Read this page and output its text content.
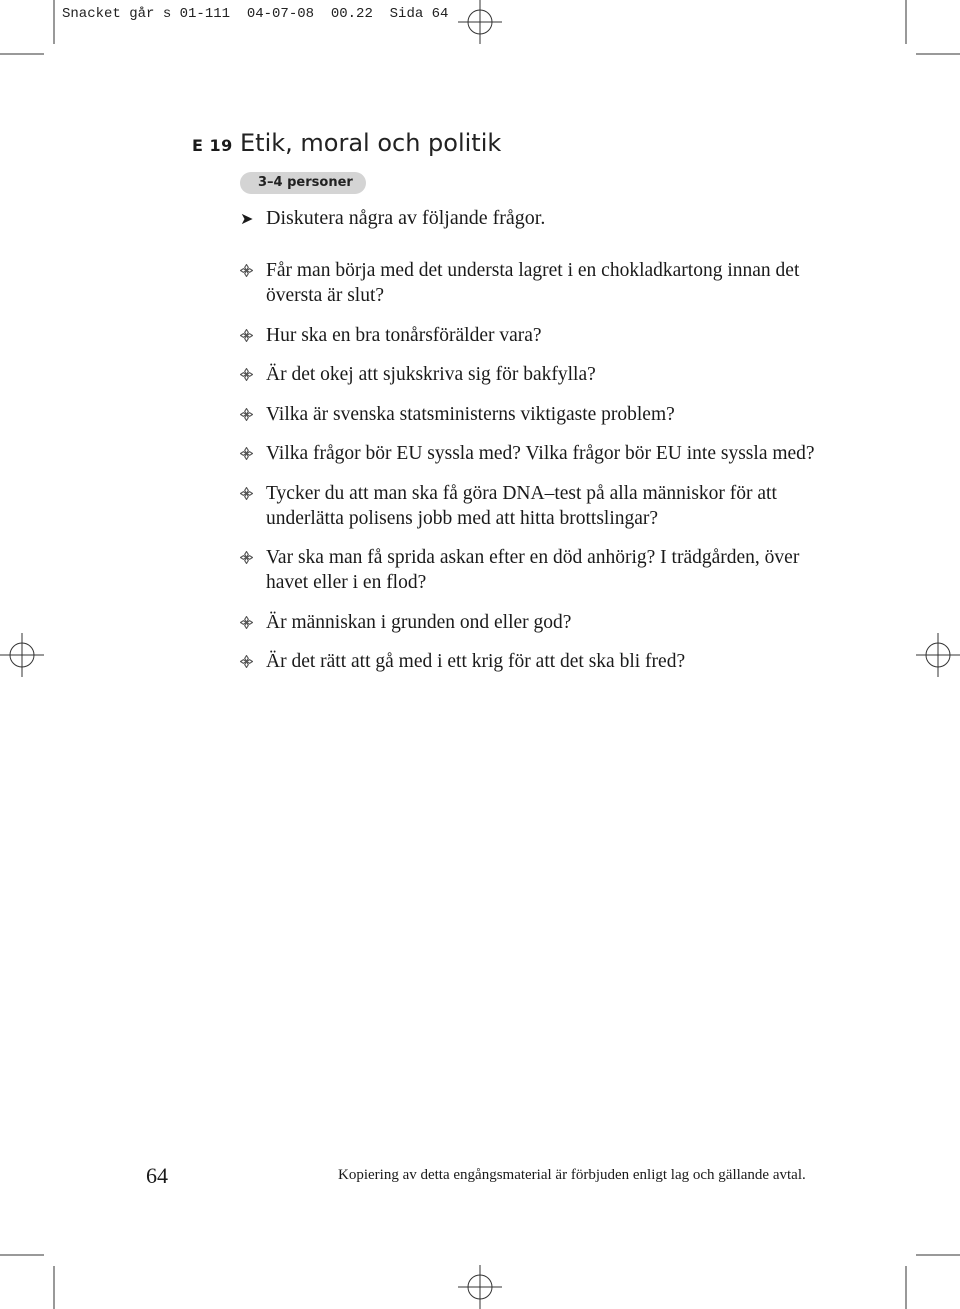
Snacket går s 01-111  04-07-08  00.22  Sida 64
E 19 Etik, moral och politik
3–4 personer
➤ Diskutera några av följande frågor.
Får man börja med det understa lagret i en chokladkartong innan det översta är slut?
Hur ska en bra tonårsförälder vara?
Är det okej att sjukskriva sig för bakfylla?
Vilka är svenska statsministerns viktigaste problem?
Vilka frågor bör EU syssla med? Vilka frågor bör EU inte syssla med?
Tycker du att man ska få göra DNA–test på alla människor för att underlätta polisens jobb med att hitta brottslingar?
Var ska man få sprida askan efter en död anhörig? I trädgården, över havet eller i en flod?
Är människan i grunden ond eller god?
Är det rätt att gå med i ett krig för att det ska bli fred?
64	Kopiering av detta engångsmaterial är förbjuden enligt lag och gällande avtal.
